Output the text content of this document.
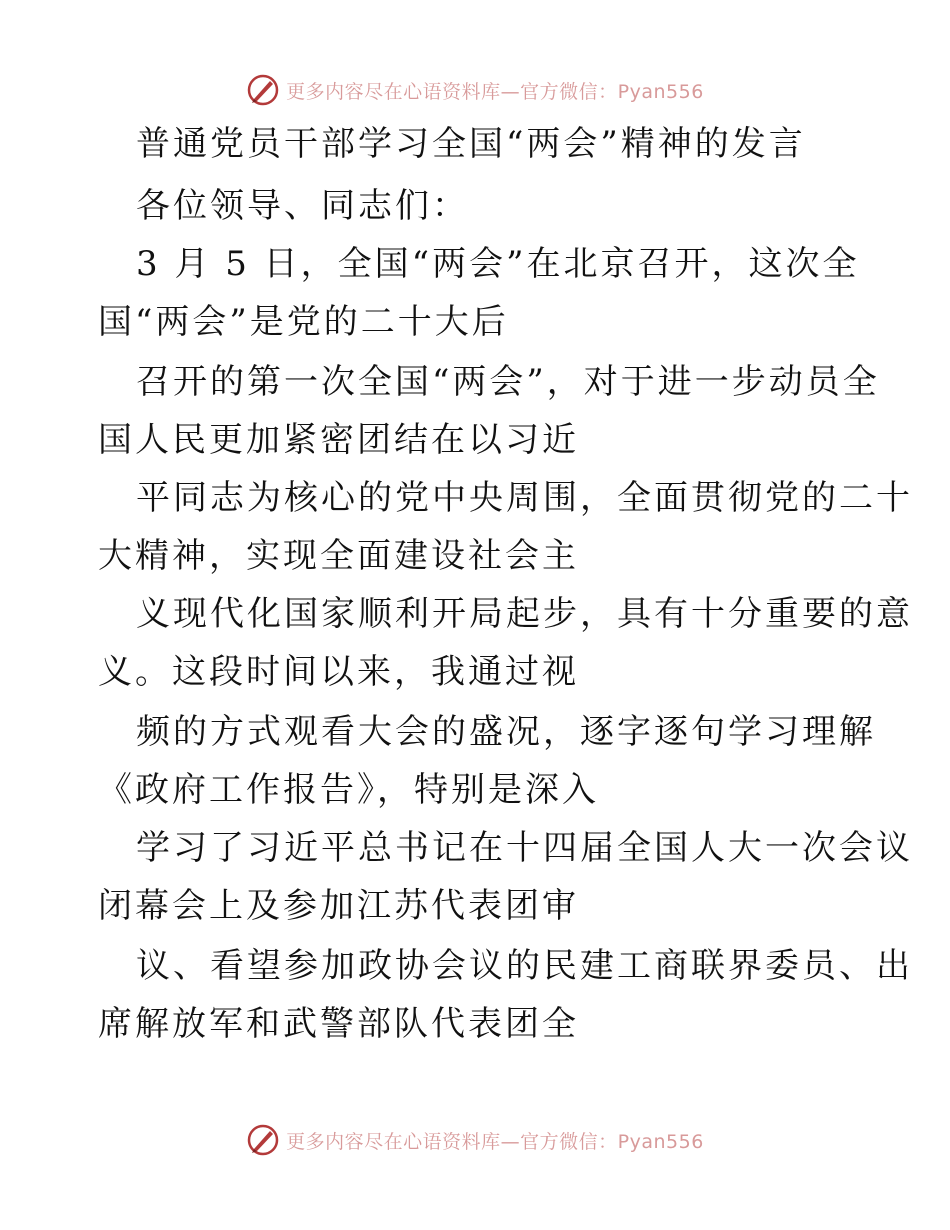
更多内容尽在心语资料库—官方微信：Pyan556
普通党员干部学习全国“两会”精神的发言
各位领导、同志们：
3 月 5 日，全国“两会”在北京召开，这次全
国“两会”是党的二十大后
召开的第一次全国“两会”，对于进一步动员全
国人民更加紧密团结在以习近
平同志为核心的党中央周围，全面贯彻党的二十
大精神，实现全面建设社会主
义现代化国家顺利开局起步，具有十分重要的意
义。这段时间以来，我通过视
频的方式观看大会的盛况，逐字逐句学习理解
《政府工作报告》，特别是深入
学习了习近平总书记在十四届全国人大一次会议
闭幕会上及参加江苏代表团审
议、看望参加政协会议的民建工商联界委员、出
席解放军和武警部队代表团全
更多内容尽在心语资料库—官方微信：Pyan556
